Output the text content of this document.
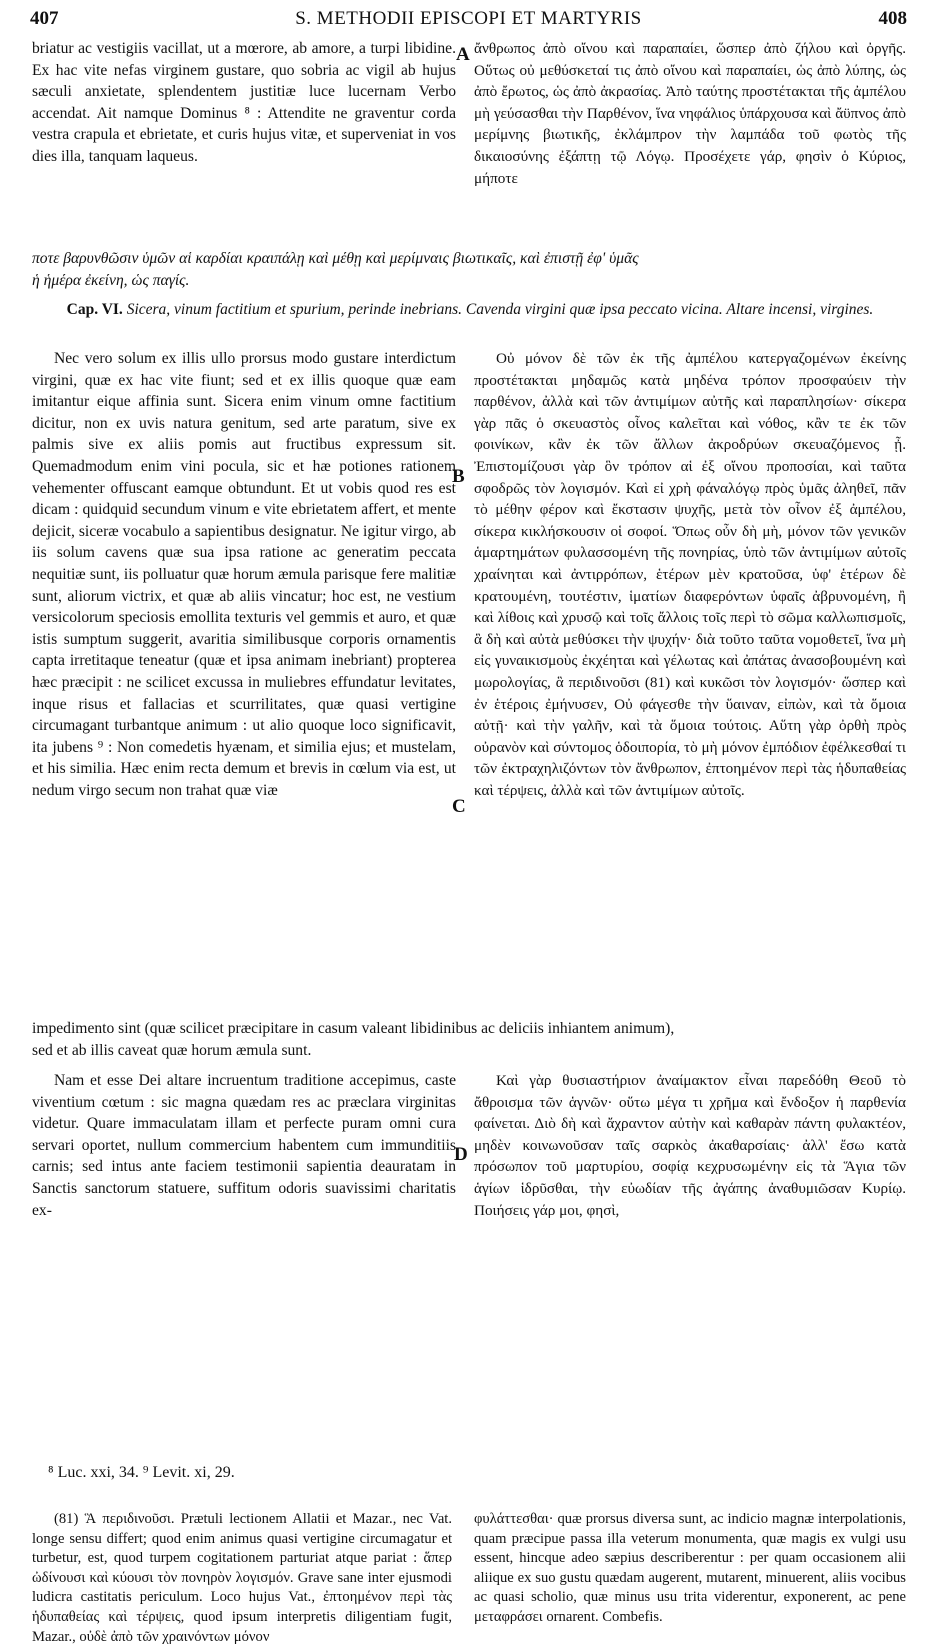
407	S. METHODII EPISCOPI ET MARTYRIS	408

briatur ac vestigiis vacillat, ut a mœrore, ab amore, a turpi libidine. Ex hac vite nefas virginem gustare, quo sobria ac vigil ab hujus sæculi anxietate, splendentem justitiæ luce lucernam Verbo accendat. Ait namque Dominus ⁸ : Attendite ne graventur corda vestra crapula et ebrietate, et curis hujus vitæ, et superveniat in vos dies illa, tanquam laqueus.

A ἄνθρωπος ἀπὸ οἴνου καὶ παραπαίει, ὥσπερ ἀπὸ ζήλου καὶ ὀργῆς. Οὕτως οὐ μεθύσκεταί τις ἀπὸ οἴνου καὶ παραπαίει, ὡς ἀπὸ λύπης, ὡς ἀπὸ ἔρωτος, ὡς ἀπὸ ἀκρασίας. Ἀπὸ ταύτης προστέτακται τῆς ἀμπέλου μὴ γεύσασθαι τὴν Παρθένον, ἵνα νηφάλιος ὑπάρχουσα καὶ ἄϋπνος ἀπὸ μερίμνης βιωτικῆς, ἐκλάμπρον τὴν λαμπάδα τοῦ φωτὸς τῆς δικαιοσύνης ἐξάπτῃ τῷ Λόγῳ. Προσέχετε γάρ, φησὶν ὁ Κύριος, μήποτε

ποτε βαρυνθῶσιν ὑμῶν αἱ καρδίαι κραιπάλῃ καὶ μέθῃ καὶ μερίμναις βιωτικαῖς, καὶ ἐπιστῇ ἐφ' ὑμᾶς
ἡ ἡμέρα ἐκείνη, ὡς παγίς.
Cap. VI. Sicera, vinum factitium et spurium, perinde inebrians. Cavenda virgini quæ ipsa peccato vicina. Altare incensi, virgines.

Nec vero solum ex illis ullo prorsus modo gustare interdictum virgini, quæ ex hac vite fiunt; sed et ex illis quoque quæ eam imitantur eique affinia sunt. Sicera enim vinum omne factitium dicitur, non ex uvis natura genitum, sed arte paratum, sive ex palmis sive ex aliis pomis aut fructibus expressum sit. Quemadmodum enim vini pocula, sic et hæ potiones rationem vehementer offuscant eamque obtundunt. Et ut vobis quod res est dicam : quidquid secundum vinum e vite ebrietatem affert, et mente dejicit, siceræ vocabulo a sapientibus designatur. Ne igitur virgo, ab iis solum cavens quæ sua ipsa ratione ac generatim peccata nequitiæ sunt, iis polluatur quæ horum æmula parisque fere malitiæ sunt, aliorum victrix, et quæ ab aliis vincatur; hoc est, ne vestium versicolorum speciosis emollita texturis vel gemmis et auro, et quæ istis sumptum suggerit, avaritia similibusque corporis ornamentis capta irretitaque teneatur (quæ et ipsa animam inebriant) propterea hæc præcipit : ne scilicet excussa in muliebres effundatur levitates, inque risus et fallacias et scurrilitates, quæ quasi vertigine circumagant turbantque animum : ut alio quoque loco significavit, ita jubens ⁹ : Non comedetis hyænam, et similia ejus; et mustelam, et his similia. Hæc enim recta demum et brevis in cœlum via est, ut nedum virgo secum non trahat quæ viæ

B
C

Οὐ μόνον δὲ τῶν ἐκ τῆς ἀμπέλου κατεργαζομένων ἐκείνης προστέτακται μηδαμῶς κατὰ μηδένα τρόπον προσφαύειν τὴν παρθένον, ἀλλὰ καὶ τῶν ἀντιμίμων αὐτῆς καὶ παραπλησίων· σίκερα γὰρ πᾶς ὁ σκευαστὸς οἶνος καλεῖται καὶ νόθος, κἂν τε ἐκ τῶν φοινίκων, κἂν ἐκ τῶν ἄλλων ἀκροδρύων σκευαζόμενος ᾖ. Ἐπιστομίζουσι γὰρ ὃν τρόπον αἱ ἐξ οἴνου προποσίαι, καὶ ταῦτα σφοδρῶς τὸν λογισμόν. Καὶ εἰ χρὴ φάναλόγῳ πρὸς ὑμᾶς ἀληθεῖ, πᾶν τὸ μέθην φέρον καὶ ἔκστασιν ψυχῆς, μετὰ τὸν οἶνον ἐξ ἀμπέλου, σίκερα κικλήσκουσιν οἱ σοφοί. Ὅπως οὖν δὴ μὴ, μόνον τῶν γενικῶν ἁμαρτημάτων φυλασσομένη τῆς πονηρίας, ὑπὸ τῶν ἀντιμίμων αὐτοῖς χραίνηται καὶ ἀντιρρόπων, ἑτέρων μὲν κρατοῦσα, ὑφ' ἑτέρων δὲ κρατουμένη, τουτέστιν, ἱματίων διαφερόντων ὑφαῖς ἀβρυνομένη, ἢ καὶ λίθοις καὶ χρυσῷ καὶ τοῖς ἄλλοις τοῖς περὶ τὸ σῶμα καλλωπισμοῖς, ἃ δὴ καὶ αὐτὰ μεθύσκει τὴν ψυχήν· διὰ τοῦτο ταῦτα νομοθετεῖ, ἵνα μὴ εἰς γυναικισμοὺς ἐκχέηται καὶ γέλωτας καὶ ἀπάτας ἀνασοβουμένη καὶ μωρολογίας, ἃ περιδινοῦσι (81) καὶ κυκῶσι τὸν λογισμόν· ὥσπερ καὶ ἐν ἑτέροις ἐμήνυσεν, Οὐ φάγεσθε τὴν ὕαιναν, εἰπὼν, καὶ τὰ ὅμοια αὐτῇ· καὶ τὴν γαλῆν, καὶ τὰ ὅμοια τούτοις. Αὕτη γὰρ ὀρθὴ πρὸς οὐρανὸν καὶ σύντομος ὁδοιπορία, τὸ μὴ μόνον ἐμπόδιον ἐφέλκεσθαί τι τῶν ἐκτραχηλιζόντων τὸν ἄνθρωπον, ἐπτοημένον περὶ τὰς ἡδυπαθείας καὶ τέρψεις, ἀλλὰ καὶ τῶν ἀντιμίμων αὐτοῖς.

impedimento sint (quæ scilicet præcipitare in casum valeant libidinibus ac deliciis inhiantem animum),
sed et ab illis caveat quæ horum æmula sunt.

Nam et esse Dei altare incruentum traditione accepimus, caste viventium cœtum : sic magna quædam res ac præclara virginitas videtur. Quare immaculatam illam et perfecte puram omni cura servari oportet, nullum commercium habentem cum immunditiis carnis; sed intus ante faciem testimonii sapientia deauratam in Sanctis sanctorum statuere, suffitum odoris suavissimi charitatis ex-

D

Καὶ γὰρ θυσιαστήριον ἀναίμακτον εἶναι παρεδόθη Θεοῦ τὸ ἄθροισμα τῶν ἁγνῶν· οὕτω μέγα τι χρῆμα καὶ ἔνδοξον ἡ παρθενία φαίνεται. Διὸ δὴ καὶ ἄχραντον αὐτὴν καὶ καθαρὰν πάντη φυλακτέον, μηδὲν κοινωνοῦσαν ταῖς σαρκὸς ἀκαθαρσίαις· ἀλλ' ἔσω κατὰ πρόσωπον τοῦ μαρτυρίου, σοφίᾳ κεχρυσωμένην εἰς τὰ Ἅγια τῶν ἁγίων ἱδρῦσθαι, τὴν εὐωδίαν τῆς ἀγάπης ἀναθυμιῶσαν Κυρίῳ. Ποιήσεις γάρ μοι, φησὶ,

⁸ Luc. xxi, 34. ⁹ Levit. xi, 29.

(81) Ἃ περιδινοῦσι. Prætuli lectionem Allatii et Mazar., nec Vat. longe sensu differt; quod enim animus quasi vertigine circumagatur et turbetur, est, quod turpem cogitationem parturiat atque pariat : ἅπερ ὠδίνουσι καὶ κύουσι τὸν πονηρὸν λογισμόν. Grave sane inter ejusmodi ludicra castitatis periculum. Loco hujus Vat., ἐπτοημένον περὶ τὰς ἡδυπαθείας καὶ τέρψεις, quod ipsum interpretis diligentiam fugit, Mazar., οὐδὲ ἀπὸ τῶν χραινόντων μόνον

φυλάττεσθαι· quæ prorsus diversa sunt, ac indicio magnæ interpolationis, quam præcipue passa illa veterum monumenta, quæ magis ex vulgi usu essent, hincque adeo sæpius describerentur : per quam occasionem alii aliique ex suo gustu quædam augerent, mutarent, minuerent, aliis vocibus ac quasi scholio, quæ minus usu trita viderentur, exponerent, ac pene μεταφράσει ornarent. Combefis.
